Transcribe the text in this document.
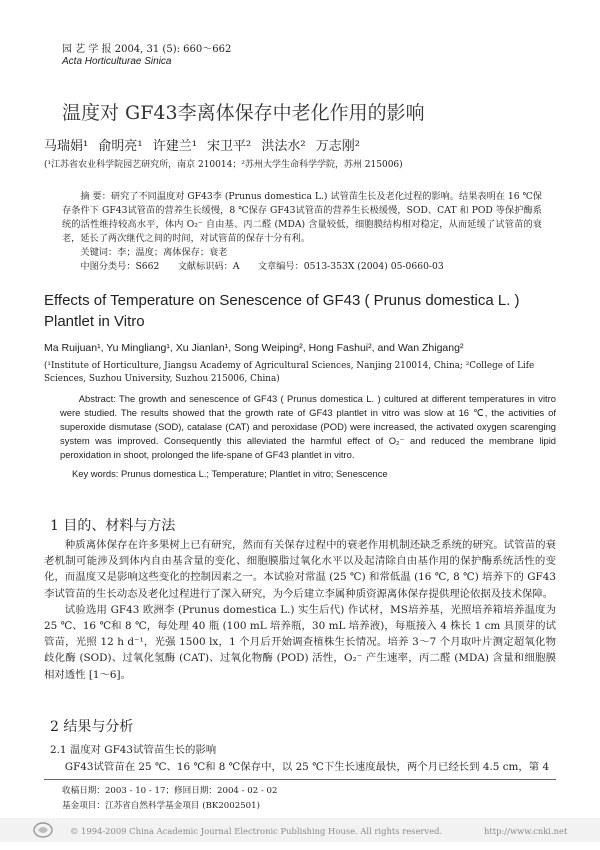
园 艺 学 报 2004, 31 (5): 660～662
Acta Horticulturae Sinica
温度对 GF43李离体保存中老化作用的影响
马瑞娟¹ 俞明亮¹ 许建兰¹ 宋卫平² 洪法水² 万志刚²
(¹江苏省农业科学院园艺研究所，南京 210014；²苏州大学生命科学学院，苏州 215006)
摘 要：研究了不同温度对 GF43李 (Prunus domestica L.) 试管苗生长及老化过程的影响。结果表明在 16 ℃保存条件下 GF43试管苗的营养生长缓慢，8 ℃保存 GF43试管苗的营养生长极缓慢，SOD、CAT 和 POD 等保护酶系统的活性维持较高水平，体内 O₂⁻ 自由基、丙二醛 (MDA) 含量较低，细胞膜结构相对稳定，从而延缓了试管苗的衰老，延长了两次继代之间的时间，对试管苗的保存十分有利。
关键词：李；温度；离体保存；衰老
中图分类号：S662　　文献标识码：A　　文章编号：0513-353X (2004) 05-0660-03
Effects of Temperature on Senescence of GF43 ( Prunus domestica L. ) Plantlet in Vitro
Ma Ruijuan¹, Yu Mingliang¹, Xu Jianlan¹, Song Weiping², Hong Fashui², and Wan Zhigang²
(¹Institute of Horticulture, Jiangsu Academy of Agricultural Sciences, Nanjing 210014, China; ²College of Life Sciences, Suzhou University, Suzhou 215006, China)
Abstract: The growth and senescence of GF43 ( Prunus domestica L. ) cultured at different temperatures in vitro were studied. The results showed that the growth rate of GF43 plantlet in vitro was slow at 16 ℃, the activities of superoxide dismutase (SOD), catalase (CAT) and peroxidase (POD) were increased, the activated oxygen scarenging system was improved. Consequently this alleviated the harmful effect of O₂⁻ and reduced the membrane lipid peroxidation in shoot, prolonged the life-spane of GF43 plantlet in vitro.
Key words: Prunus domestica L.; Temperature; Plantlet in vitro; Senescence
1 目的、材料与方法
种质离体保存在许多果树上已有研究，然而有关保存过程中的衰老作用机制还缺乏系统的研究。试管苗的衰老机制可能涉及到体内自由基含量的变化、细胞膜脂过氧化水平以及起清除自由基作用的保护酶系统活性的变化，而温度又是影响这些变化的控制因素之一。本试验对常温 (25 ℃) 和常低温 (16 ℃, 8 ℃) 培养下的 GF43李试管苗的生长动态及老化过程进行了深入研究，为今后建立李属种质资源离体保存提供理论依据及技术保障。
试验选用 GF43 欧洲李 (Prunus domestica L.) 实生后代) 作试材，MS培养基，光照培养箱培养温度为 25 ℃、16 ℃和 8 ℃，每处理 40 瓶 (100 mL 培养瓶，30 mL 培养液)，每瓶接入 4 株长 1 cm 具顶芽的试管苗，光照 12 h d⁻¹，光强 1500 lx，1 个月后开始调查植株生长情况。培养 3～7 个月取叶片测定超氧化物歧化酶 (SOD)、过氧化氢酶 (CAT)、过氧化物酶 (POD) 活性，O₂⁻ 产生速率，丙二醛 (MDA) 含量和细胞膜相对透性 [1～6]。
2 结果与分析
2.1 温度对 GF43试管苗生长的影响
GF43试管苗在 25 ℃、16 ℃和 8 ℃保存中，以 25 ℃下生长速度最快，两个月已经长到 4.5 cm，第 4
收稿日期：2003 - 10 - 17；修回日期：2004 - 02 - 02
基金项目：江苏省自然科学基金项目 (BK2002501)
© 1994-2009 China Academic Journal Electronic Publishing House. All rights reserved.	http://www.cnki.net
